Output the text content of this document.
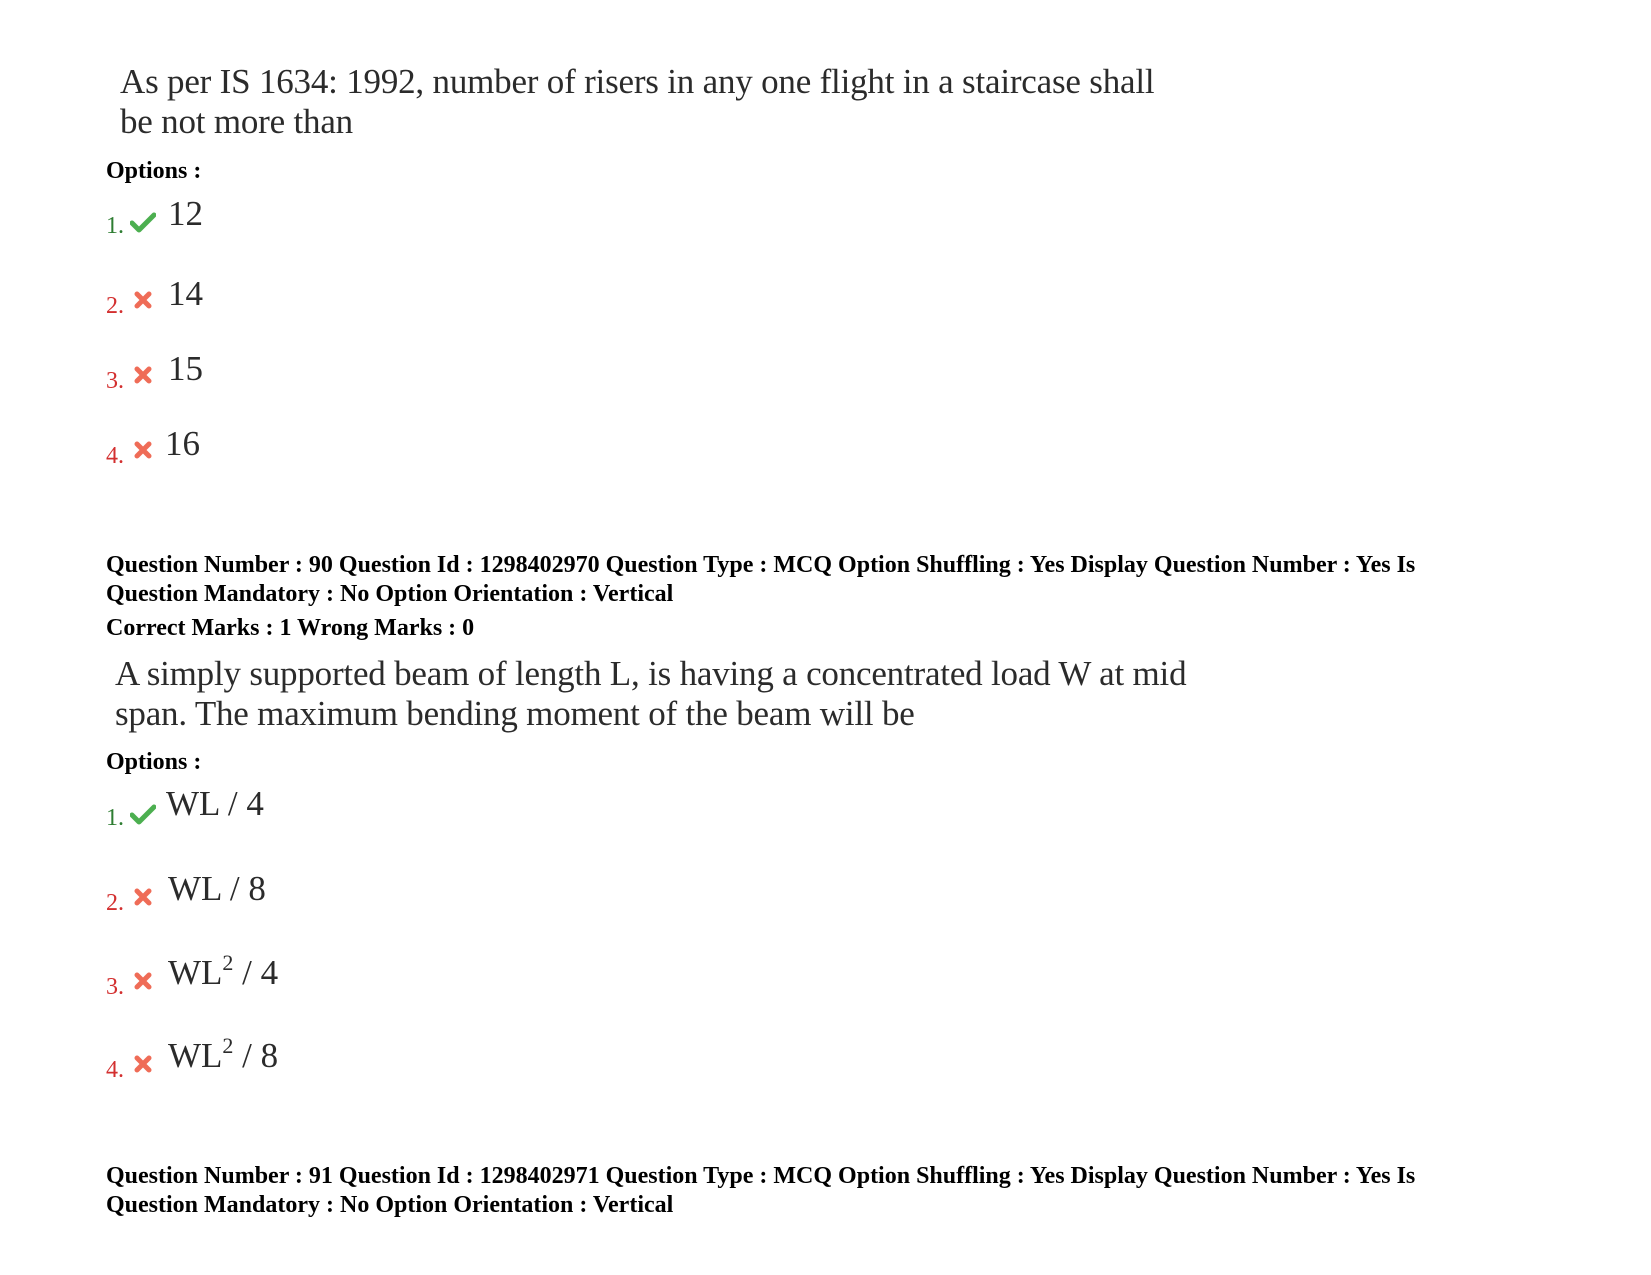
As per IS 1634: 1992, number of risers in any one flight in a staircase shall
be not more than
Options :
1. 12
2. 14
3. 15
4. 16
Question Number : 90 Question Id : 1298402970 Question Type : MCQ Option Shuffling : Yes Display Question Number : Yes Is
Question Mandatory : No Option Orientation : Vertical
Correct Marks : 1 Wrong Marks : 0
A simply supported beam of length L, is having a concentrated load W at mid
span. The maximum bending moment of the beam will be
Options :
1. WL / 4
2. WL / 8
3. $WL^2 / 4$
4. $WL^2 / 8$
Question Number : 91 Question Id : 1298402971 Question Type : MCQ Option Shuffling : Yes Display Question Number : Yes Is
Question Mandatory : No Option Orientation : Vertical
